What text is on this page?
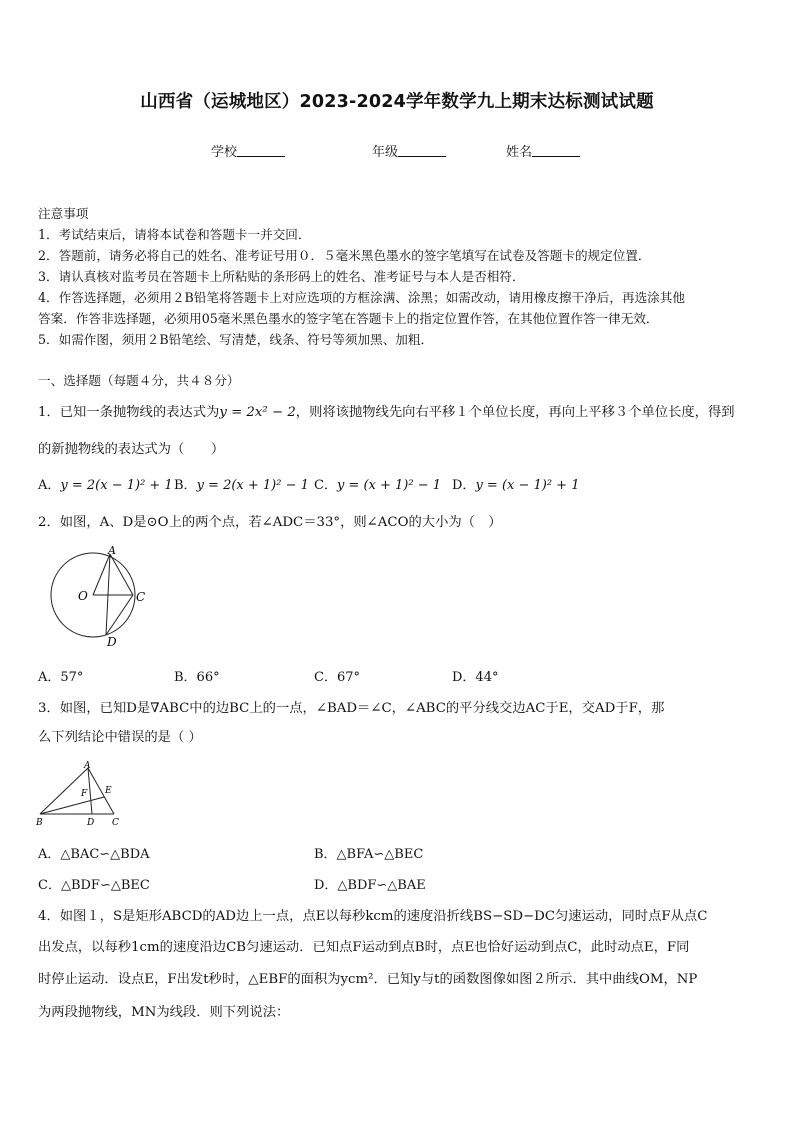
山西省（运城地区）2023-2024学年数学九上期末达标测试试题
学校	年级	姓名
注意事项
1．考试结束后，请将本试卷和答题卡一并交回．
2．答题前，请务必将自己的姓名、准考证号用０．５毫米黑色墨水的签字笔填写在试卷及答题卡的规定位置．
3．请认真核对监考员在答题卡上所粘贴的条形码上的姓名、准考证号与本人是否相符．
4．作答选择题，必须用２B铅笔将答题卡上对应选项的方框涂满、涂黑；如需改动，请用橡皮擦干净后，再选涂其他
答案．作答非选择题，必须用05毫米黑色墨水的签字笔在答题卡上的指定位置作答，在其他位置作答一律无效．
5．如需作图，须用２B铅笔绘、写清楚，线条、符号等须加黑、加粗．
一、选择题（每题４分，共４８分）
1．已知一条抛物线的表达式为y = 2x² − 2，则将该抛物线先向右平移１个单位长度，再向上平移３个单位长度，得到
的新抛物线的表达式为（　　）
A．y = 2(x − 1)² + 1 B．y = 2(x + 1)² − 1 C．y = (x + 1)² − 1 D．y = (x − 1)² + 1
2．如图，A、D是⊙O上的两个点，若∠ADC＝33°，则∠ACO的大小为（　）
A
O	C
D
A．57°	B．66°	C．67°	D．44°
3．如图，已知D是∇ABC中的边BC上的一点，∠BAD＝∠C，∠ABC的平分线交边AC于E，交AD于F，那
么下列结论中错误的是（ ）
A
F E
B	D C
A．△BAC∽△BDA	B．△BFA∽△BEC
C．△BDF∽△BEC	D．△BDF∽△BAE
4．如图１，S是矩形ABCD的AD边上一点，点E以每秒kcm的速度沿折线BS−SD−DC匀速运动，同时点F从点C
出发点，以每秒1cm的速度沿边CB匀速运动．已知点F运动到点B时，点E也恰好运动到点C，此时动点E，F同
时停止运动．设点E，F出发t秒时，△EBF的面积为ycm²．已知y与t的函数图像如图２所示．其中曲线OM，NP
为两段抛物线，MN为线段．则下列说法：
